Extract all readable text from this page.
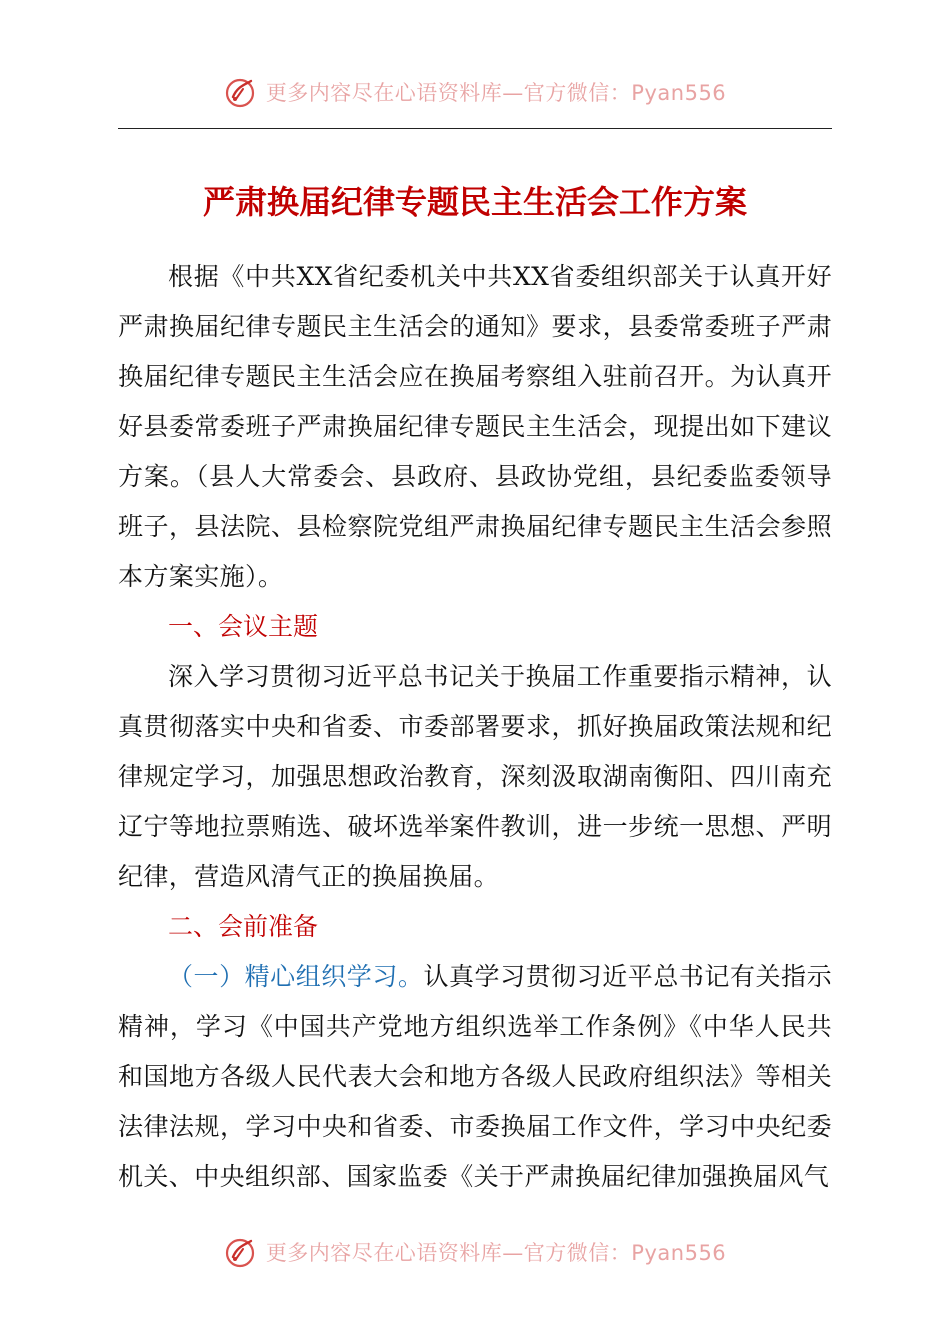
更多内容尽在心语资料库—官方微信：Pyan556
严肃换届纪律专题民主生活会工作方案

根据《中共XX省纪委机关中共XX省委组织部关于认真开好严肃换届纪律专题民主生活会的通知》要求，县委常委班子严肃换届纪律专题民主生活会应在换届考察组入驻前召开。为认真开好县委常委班子严肃换届纪律专题民主生活会，现提出如下建议方案。（县人大常委会、县政府、县政协党组，县纪委监委领导班子，县法院、县检察院党组严肃换届纪律专题民主生活会参照本方案实施）。

一、会议主题

深入学习贯彻习近平总书记关于换届工作重要指示精神，认真贯彻落实中央和省委、市委部署要求，抓好换届政策法规和纪律规定学习，加强思想政治教育，深刻汲取湖南衡阳、四川南充辽宁等地拉票贿选、破坏选举案件教训，进一步统一思想、严明纪律，营造风清气正的换届换届。

二、会前准备

（一）精心组织学习。认真学习贯彻习近平总书记有关指示精神，学习《中国共产党地方组织选举工作条例》《中华人民共和国地方各级人民代表大会和地方各级人民政府组织法》等相关法律法规，学习中央和省委、市委换届工作文件，学习中央纪委机关、中央组织部、国家监委《关于严肃换届纪律加强换届风气

更多内容尽在心语资料库—官方微信：Pyan556
